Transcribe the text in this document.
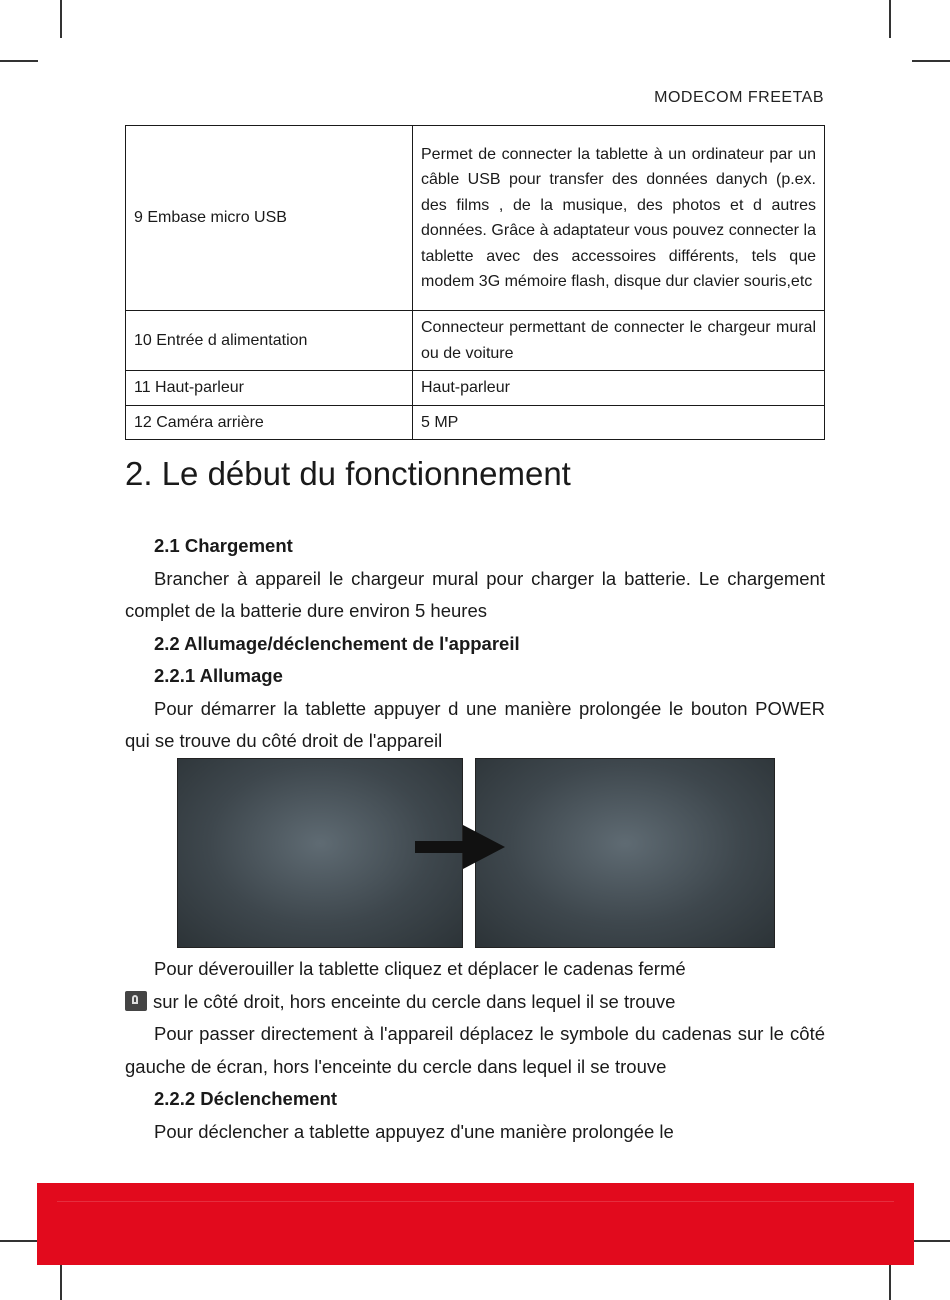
MODECOM FREETAB
9 Embase micro USB	Permet de connecter la tablette à un ordinateur par un câble USB pour transfer des données danych (p.ex. des films , de la musique, des photos et d autres données. Grâce à adaptateur vous pouvez connecter la tablette avec des accessoires différents, tels que modem 3G mémoire flash, disque dur clavier souris,etc
10 Entrée d alimentation	Connecteur permettant de connecter le chargeur mural ou de voiture
11 Haut-parleur	Haut-parleur
12 Caméra arrière	5 MP
2. Le début du fonctionnement
2.1 Chargement

Brancher à appareil le chargeur mural pour charger la batterie. Le chargement complet de la batterie dure environ 5 heures

2.2 Allumage/déclenchement de l'appareil
2.2.1 Allumage

Pour démarrer la tablette appuyer d une manière prolongée le bouton POWER qui se trouve du côté droit de l'appareil

Pour déverouiller la tablette cliquez et déplacer le cadenas fermé

sur le côté droit, hors enceinte du cercle dans lequel il se trouve

Pour passer directement à l'appareil déplacez le symbole du cadenas sur le côté gauche de écran, hors l'enceinte du cercle dans lequel il se trouve

2.2.2 Déclenchement

Pour déclencher a tablette appuyez d'une manière prolongée le
